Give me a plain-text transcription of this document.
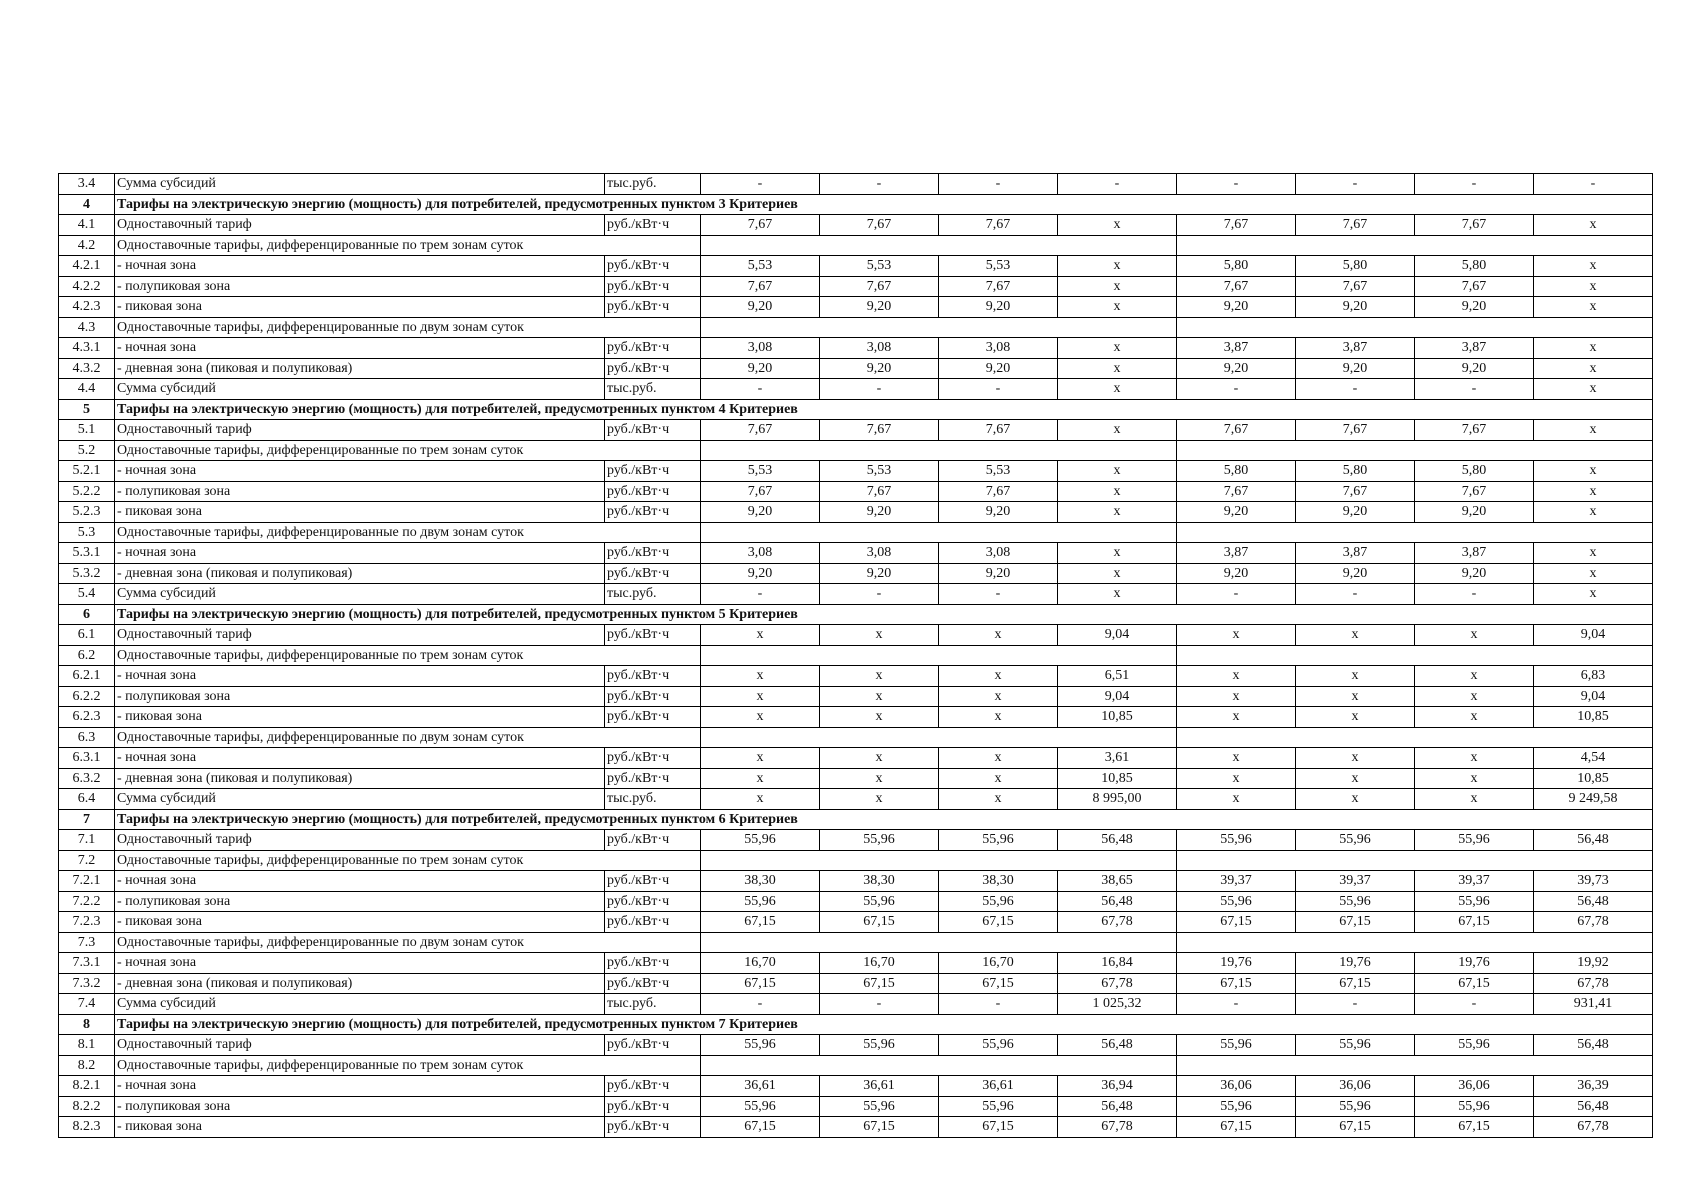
3.4	Сумма субсидий	тыс.руб.	-	-	-	-	-	-	-	-
4	Тарифы на электрическую энергию (мощность) для потребителей, предусмотренных пунктом 3 Критериев									
4.1	Одноставочный тариф	руб./кВт·ч	7,67	7,67	7,67	x	7,67	7,67	7,67	x
4.2	Одноставочные тарифы, дифференцированные по трем зонам суток									
4.2.1	- ночная зона	руб./кВт·ч	5,53	5,53	5,53	x	5,80	5,80	5,80	x
4.2.2	- полупиковая зона	руб./кВт·ч	7,67	7,67	7,67	x	7,67	7,67	7,67	x
4.2.3	- пиковая зона	руб./кВт·ч	9,20	9,20	9,20	x	9,20	9,20	9,20	x
4.3	Одноставочные тарифы, дифференцированные по двум зонам суток									
4.3.1	- ночная зона	руб./кВт·ч	3,08	3,08	3,08	x	3,87	3,87	3,87	x
4.3.2	- дневная зона (пиковая и полупиковая)	руб./кВт·ч	9,20	9,20	9,20	x	9,20	9,20	9,20	x
4.4	Сумма субсидий	тыс.руб.	-	-	-	x	-	-	-	x
5	Тарифы на электрическую энергию (мощность) для потребителей, предусмотренных пунктом 4 Критериев									
5.1	Одноставочный тариф	руб./кВт·ч	7,67	7,67	7,67	x	7,67	7,67	7,67	x
5.2	Одноставочные тарифы, дифференцированные по трем зонам суток									
5.2.1	- ночная зона	руб./кВт·ч	5,53	5,53	5,53	x	5,80	5,80	5,80	x
5.2.2	- полупиковая зона	руб./кВт·ч	7,67	7,67	7,67	x	7,67	7,67	7,67	x
5.2.3	- пиковая зона	руб./кВт·ч	9,20	9,20	9,20	x	9,20	9,20	9,20	x
5.3	Одноставочные тарифы, дифференцированные по двум зонам суток									
5.3.1	- ночная зона	руб./кВт·ч	3,08	3,08	3,08	x	3,87	3,87	3,87	x
5.3.2	- дневная зона (пиковая и полупиковая)	руб./кВт·ч	9,20	9,20	9,20	x	9,20	9,20	9,20	x
5.4	Сумма субсидий	тыс.руб.	-	-	-	x	-	-	-	x
6	Тарифы на электрическую энергию (мощность) для потребителей, предусмотренных пунктом 5 Критериев									
6.1	Одноставочный тариф	руб./кВт·ч	x	x	x	9,04	x	x	x	9,04
6.2	Одноставочные тарифы, дифференцированные по трем зонам суток									
6.2.1	- ночная зона	руб./кВт·ч	x	x	x	6,51	x	x	x	6,83
6.2.2	- полупиковая зона	руб./кВт·ч	x	x	x	9,04	x	x	x	9,04
6.2.3	- пиковая зона	руб./кВт·ч	x	x	x	10,85	x	x	x	10,85
6.3	Одноставочные тарифы, дифференцированные по двум зонам суток									
6.3.1	- ночная зона	руб./кВт·ч	x	x	x	3,61	x	x	x	4,54
6.3.2	- дневная зона (пиковая и полупиковая)	руб./кВт·ч	x	x	x	10,85	x	x	x	10,85
6.4	Сумма субсидий	тыс.руб.	x	x	x	8 995,00	x	x	x	9 249,58
7	Тарифы на электрическую энергию (мощность) для потребителей, предусмотренных пунктом 6 Критериев									
7.1	Одноставочный тариф	руб./кВт·ч	55,96	55,96	55,96	56,48	55,96	55,96	55,96	56,48
7.2	Одноставочные тарифы, дифференцированные по трем зонам суток									
7.2.1	- ночная зона	руб./кВт·ч	38,30	38,30	38,30	38,65	39,37	39,37	39,37	39,73
7.2.2	- полупиковая зона	руб./кВт·ч	55,96	55,96	55,96	56,48	55,96	55,96	55,96	56,48
7.2.3	- пиковая зона	руб./кВт·ч	67,15	67,15	67,15	67,78	67,15	67,15	67,15	67,78
7.3	Одноставочные тарифы, дифференцированные по двум зонам суток									
7.3.1	- ночная зона	руб./кВт·ч	16,70	16,70	16,70	16,84	19,76	19,76	19,76	19,92
7.3.2	- дневная зона (пиковая и полупиковая)	руб./кВт·ч	67,15	67,15	67,15	67,78	67,15	67,15	67,15	67,78
7.4	Сумма субсидий	тыс.руб.	-	-	-	1 025,32	-	-	-	931,41
8	Тарифы на электрическую энергию (мощность) для потребителей, предусмотренных пунктом 7 Критериев									
8.1	Одноставочный тариф	руб./кВт·ч	55,96	55,96	55,96	56,48	55,96	55,96	55,96	56,48
8.2	Одноставочные тарифы, дифференцированные по трем зонам суток									
8.2.1	- ночная зона	руб./кВт·ч	36,61	36,61	36,61	36,94	36,06	36,06	36,06	36,39
8.2.2	- полупиковая зона	руб./кВт·ч	55,96	55,96	55,96	56,48	55,96	55,96	55,96	56,48
8.2.3	- пиковая зона	руб./кВт·ч	67,15	67,15	67,15	67,78	67,15	67,15	67,15	67,78
